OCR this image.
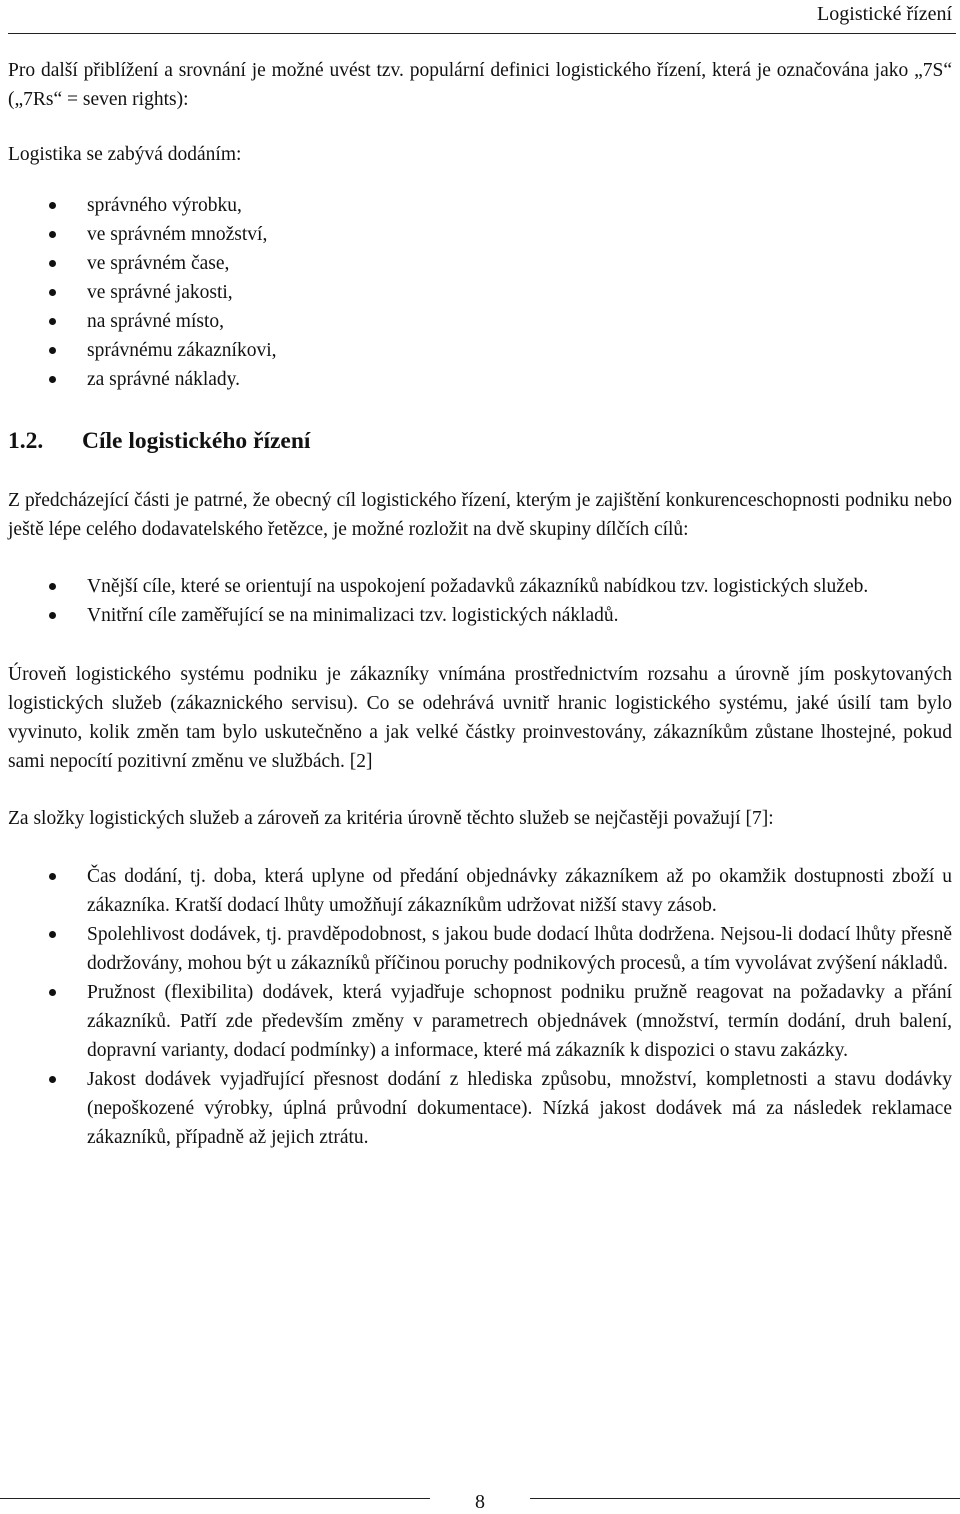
Logistické řízení

Pro další přiblížení a srovnání je možné uvést tzv. populární definici logistického řízení, která je označována jako „7S“ („7Rs“ = seven rights):

Logistika se zabývá dodáním:

správného výrobku,
ve správném množství,
ve správném čase,
ve správné jakosti,
na správné místo,
správnému zákazníkovi,
za správné náklady.
1.2. Cíle logistického řízení

Z předcházející části je patrné, že obecný cíl logistického řízení, kterým je zajištění konkurenceschopnosti podniku nebo ještě lépe celého dodavatelského řetězce, je možné rozložit na dvě skupiny dílčích cílů:

Vnější cíle, které se orientují na uspokojení požadavků zákazníků nabídkou tzv. logistických služeb.
Vnitřní cíle zaměřující se na minimalizaci tzv. logistických nákladů.

Úroveň logistického systému podniku je zákazníky vnímána prostřednictvím rozsahu a úrovně jím poskytovaných logistických služeb (zákaznického servisu). Co se odehrává uvnitř hranic logistického systému, jaké úsilí tam bylo vyvinuto, kolik změn tam bylo uskutečněno a jak velké částky proinvestovány, zákazníkům zůstane lhostejné, pokud sami nepocítí pozitivní změnu ve službách. [2]

Za složky logistických služeb a zároveň za kritéria úrovně těchto služeb se nejčastěji považují [7]:

Čas dodání, tj. doba, která uplyne od předání objednávky zákazníkem až po okamžik dostupnosti zboží u zákazníka. Kratší dodací lhůty umožňují zákazníkům udržovat nižší stavy zásob.
Spolehlivost dodávek, tj. pravděpodobnost, s jakou bude dodací lhůta dodržena. Nejsou-li dodací lhůty přesně dodržovány, mohou být u zákazníků příčinou poruchy podnikových procesů, a tím vyvolávat zvýšení nákladů.
Pružnost (flexibilita) dodávek, která vyjadřuje schopnost podniku pružně reagovat na požadavky a přání zákazníků. Patří zde především změny v parametrech objednávek (množství, termín dodání, druh balení, dopravní varianty, dodací podmínky) a informace, které má zákazník k dispozici o stavu zakázky.
Jakost dodávek vyjadřující přesnost dodání z hlediska způsobu, množství, kompletnosti a stavu dodávky (nepoškozené výrobky, úplná průvodní dokumentace). Nízká jakost dodávek má za následek reklamace zákazníků, případně až jejich ztrátu.
8
